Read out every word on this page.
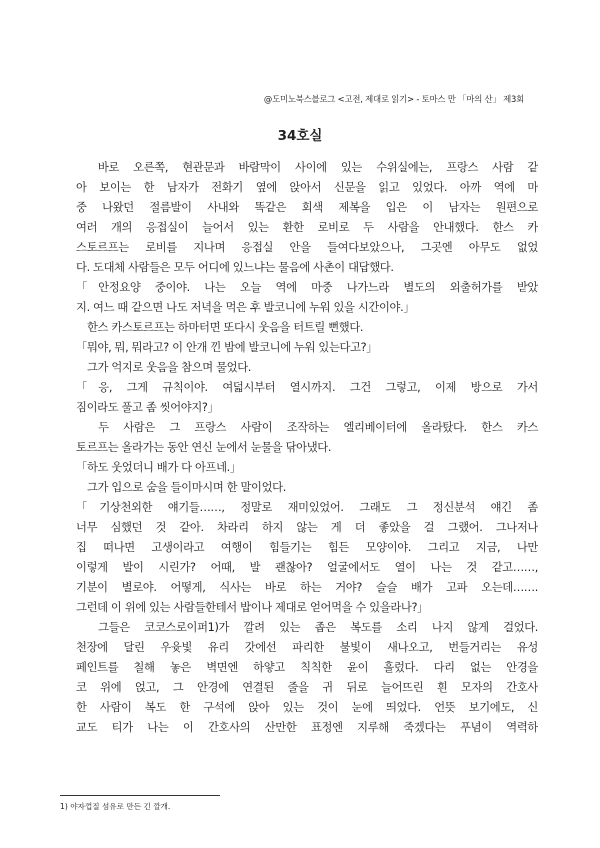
@도미노북스블로그 <고전, 제대로 읽기> - 토마스 만 「마의 산」 제3회
34호실
　바로 오른쪽, 현관문과 바람막이 사이에 있는 수위실에는, 프랑스 사람 같
아 보이는 한 남자가 전화기 옆에 앉아서 신문을 읽고 있었다. 아까 역에 마
중 나왔던 절름발이 사내와 똑같은 회색 제복을 입은 이 남자는 원편으로
여러 개의 응접실이 늘어서 있는 환한 로비로 두 사람을 안내했다. 한스 카
스토르프는 로비를 지나며 응접실 안을 들여다보았으나, 그곳엔 아무도 없었
다. 도대체 사람들은 모두 어디에 있느냐는 물음에 사촌이 대답했다.
「안정요양 중이야. 나는 오늘 역에 마중 나가느라 별도의 외출허가를 받았
지. 여느 때 같으면 나도 저녁을 먹은 후 발코니에 누워 있을 시간이야.」
　한스 카스토르프는 하마터면 또다시 웃음을 터트릴 뻔했다.
「뭐야, 뭐, 뭐라고? 이 안개 낀 밤에 발코니에 누워 있는다고?」
　그가 억지로 웃음을 참으며 물었다.
「응, 그게 규칙이야. 여덟시부터 열시까지. 그건 그렇고, 이제 방으로 가서
짐이라도 풀고 좀 씻어야지?」
　두 사람은 그 프랑스 사람이 조작하는 엘리베이터에 올라탔다. 한스 카스
토르프는 올라가는 동안 연신 눈에서 눈물을 닦아냈다.
「하도 웃었더니 배가 다 아프네.」
　그가 입으로 숨을 들이마시며 한 말이었다.
「기상천외한 얘기들……, 정말로 재미있었어. 그래도 그 정신분석 얘긴 좀
너무 심했던 것 같아. 차라리 하지 않는 게 더 좋았을 걸 그랬어. 그나저나
집 떠나면 고생이라고 여행이 힘들기는 힘든 모양이야. 그리고 지금, 나만
이렇게 발이 시린가? 어때, 발 괜찮아? 얼굴에서도 열이 나는 것 같고……,
기분이 별로야. 어떻게, 식사는 바로 하는 거야? 슬슬 배가 고파 오는데…….
그런데 이 위에 있는 사람들한테서 밥이나 제대로 얻어먹을 수 있을라나?」
　그들은 코코스로이퍼1)가 깔려 있는 좁은 복도를 소리 나지 않게 걸었다.
천장에 달린 우윳빛 유리 갓에선 파리한 불빛이 새나오고, 번들거리는 유성
페인트를 칠해 놓은 벽면엔 하얗고 칙칙한 윤이 흘렀다. 다리 없는 안경을
코 위에 얹고, 그 안경에 연결된 줄을 귀 뒤로 늘어뜨린 흰 모자의 간호사
한 사람이 복도 한 구석에 앉아 있는 것이 눈에 띄었다. 언뜻 보기에도, 신
교도 티가 나는 이 간호사의 산만한 표정엔 지루해 죽겠다는 푸념이 역력하
1) 야자껍질 섬유로 만든 긴 깔개.
